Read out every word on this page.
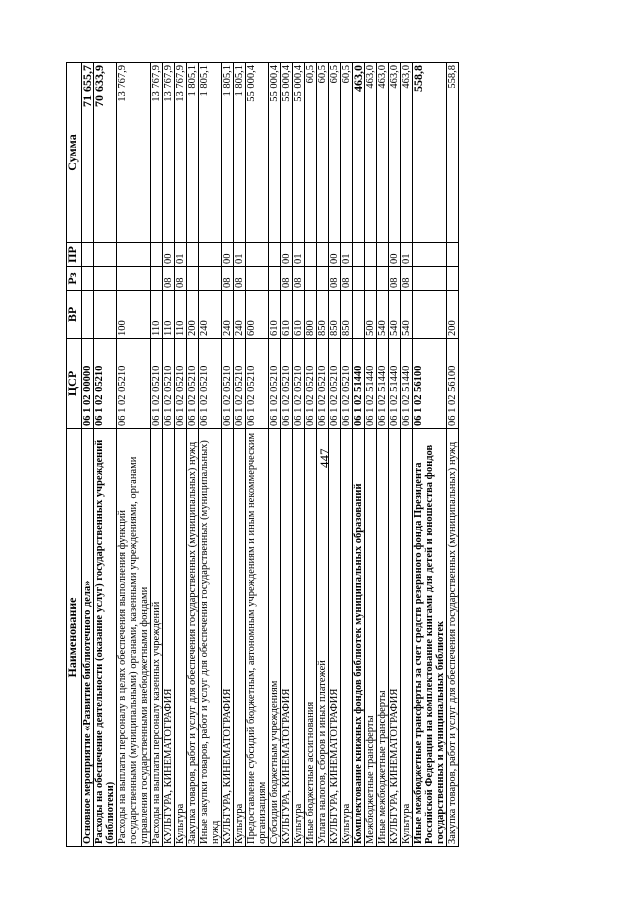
447
Наименование	ЦСР	ВР	Рз	ПР	Сумма
Основное мероприятие «Развитие библиотечного дела»	06 1 02 00000				71 655,7
Расходы на обеспечение деятельности (оказание услуг) государственных учреждений (библиотеки)	06 1 02 05210				70 633,9
Расходы на выплаты персоналу в целях обеспечения выполнения функций государственными (муниципальными) органами, казенными учреждениями, органами управления государственными внебюджетными фондами	06 1 02 05210	100			13 767,9
Расходы на выплаты персоналу казенных учреждений	06 1 02 05210	110			13 767,9
КУЛЬТУРА, КИНЕМАТОГРАФИЯ	06 1 02 05210	110	08	00	13 767,9
Культура	06 1 02 05210	110	08	01	13 767,9
Закупка товаров, работ и услуг для обеспечения государственных (муниципальных) нужд	06 1 02 05210	200			1 805,1
Иные закупки товаров, работ и услуг для обеспечения государственных (муниципальных) нужд	06 1 02 05210	240			1 805,1
КУЛЬТУРА, КИНЕМАТОГРАФИЯ	06 1 02 05210	240	08	00	1 805,1
Культура	06 1 02 05210	240	08	01	1 805,1
Предоставление субсидий бюджетным, автономным учреждениям и иным некоммерческим организациям	06 1 02 05210	600			55 000,4
Субсидии бюджетным учреждениям	06 1 02 05210	610			55 000,4
КУЛЬТУРА, КИНЕМАТОГРАФИЯ	06 1 02 05210	610	08	00	55 000,4
Культура	06 1 02 05210	610	08	01	55 000,4
Иные бюджетные ассигнования	06 1 02 05210	800			60,5
Уплата налогов, сборов и иных платежей	06 1 02 05210	850			60,5
КУЛЬТУРА, КИНЕМАТОГРАФИЯ	06 1 02 05210	850	08	00	60,5
Культура	06 1 02 05210	850	08	01	60,5
Комплектование книжных фондов библиотек муниципальных образований	06 1 02 51440				463,0
Межбюджетные трансферты	06 1 02 51440	500			463,0
Иные межбюджетные трансферты	06 1 02 51440	540			463,0
КУЛЬТУРА, КИНЕМАТОГРАФИЯ	06 1 02 51440	540	08	00	463,0
Культура	06 1 02 51440	540	08	01	463,0
Иные межбюджетные трансферты за счет средств резервного фонда Президента Российской Федерации на комплектование книгами для детей и юношества фондов государственных и муниципальных библиотек	06 1 02 56100				558,8
Закупка товаров, работ и услуг для обеспечения государственных (муниципальных) нужд	06 1 02 56100	200			558,8
